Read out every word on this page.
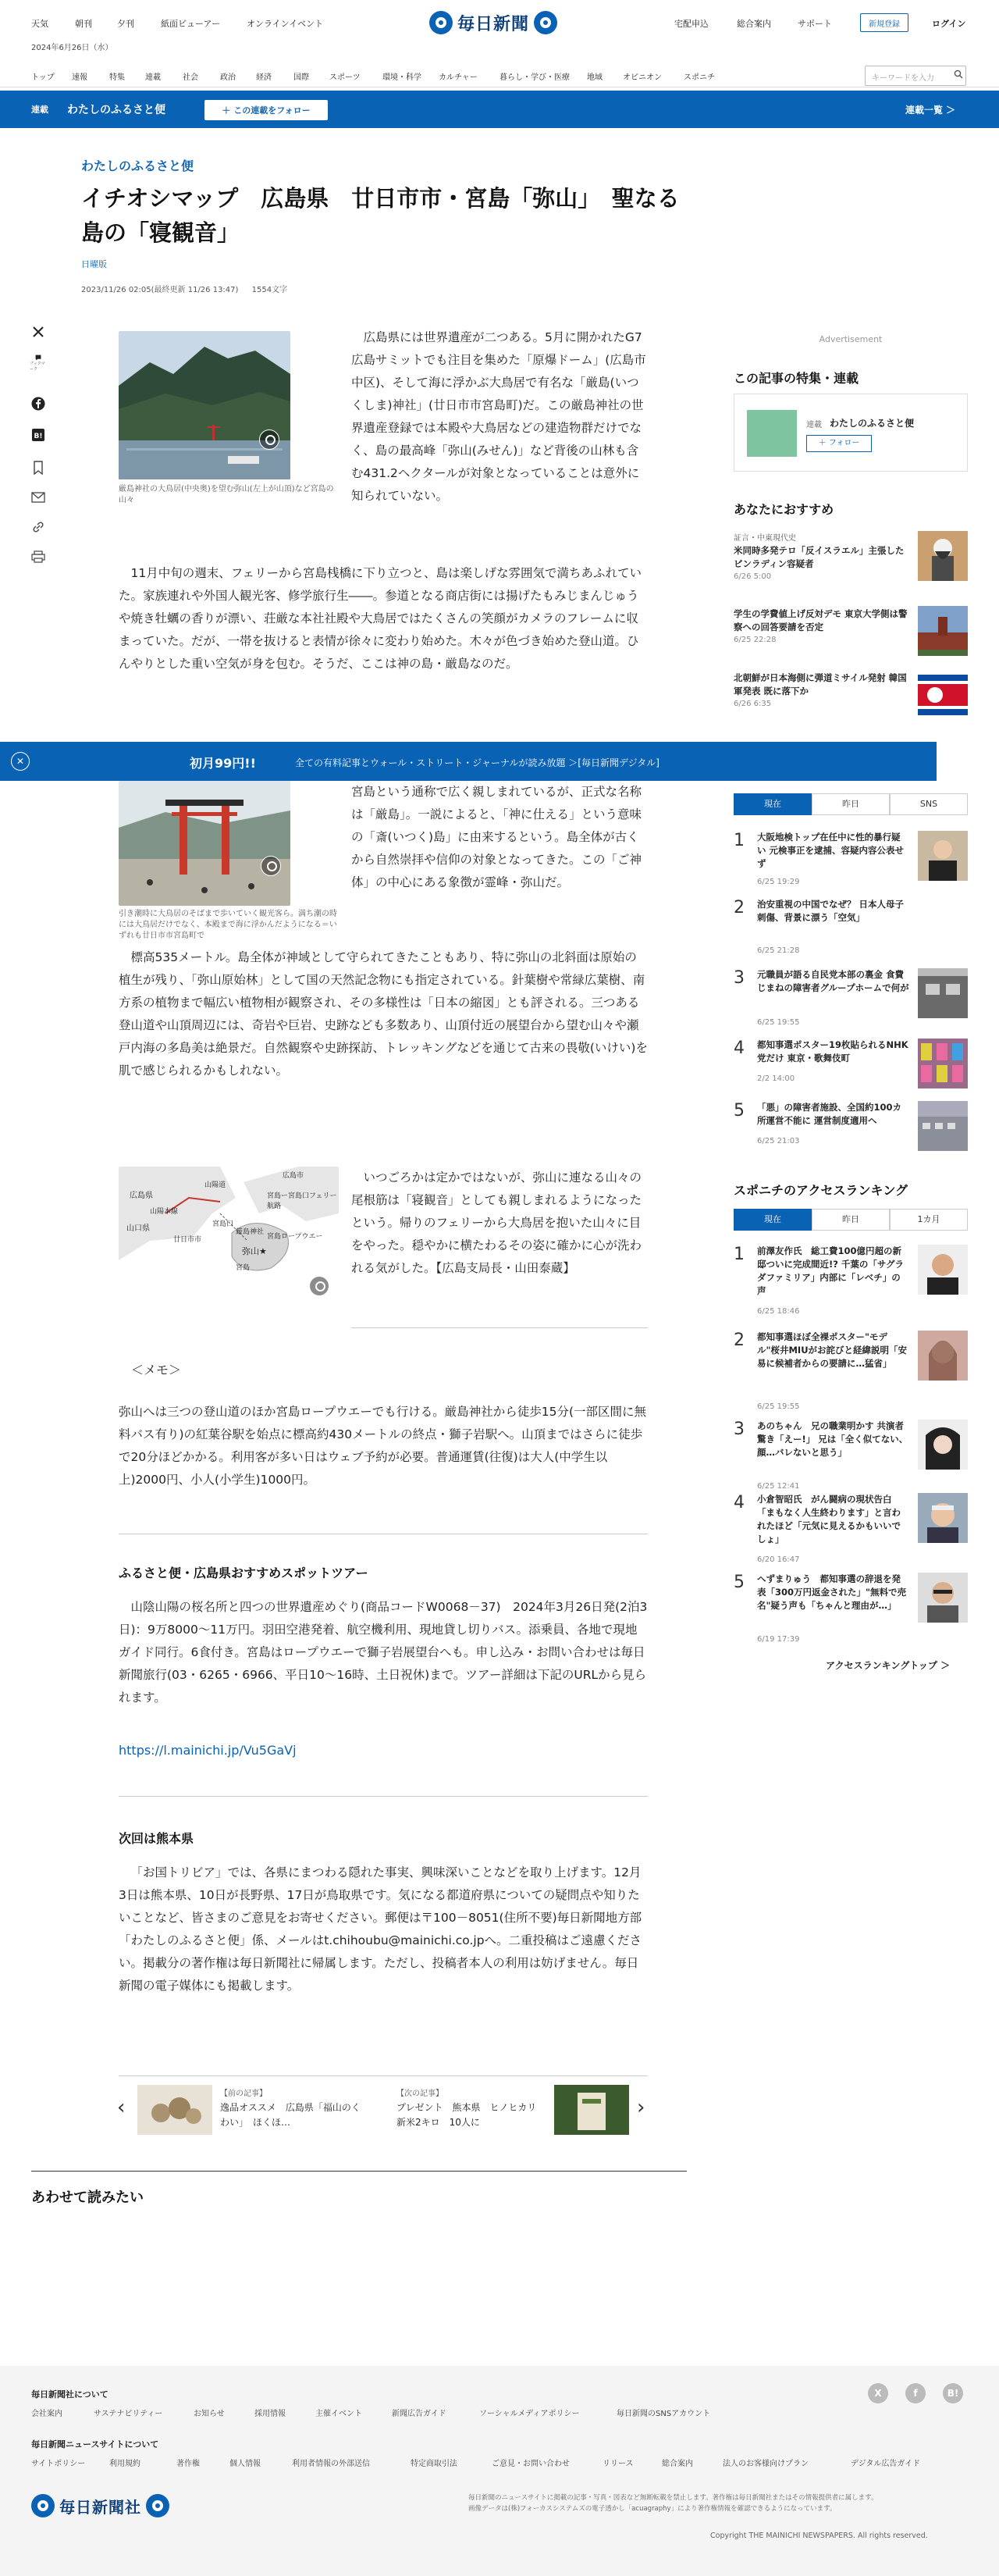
天気	朝刊	夕刊	紙面ビューアー	オンラインイベント	毎日新聞	宅配申込	総合案内	サポート	新規登録	ログイン
2024年6月26日（水）
トップ 速報	特集	連載	社会	政治	経済	国際	スポーツ	環境・科学 カルチャー	暮らし・学び・医療 地域	オピニオン	スポニチ	キーワードを入力
連載 わたしのふるさと便	＋ この連載をフォロー	連載一覧 ＞
わたしのふるさと便
イチオシマップ　広島県　廿日市市・宮島「弥山」　聖なる島の「寝観音」
日曜版
2023/11/26 02:05(最終更新 11/26 13:47) 1554文字
ブックマーク
B!
厳島神社の大鳥居(中央奥)を望む弥山(左上が山頂)など宮島の山々

広島県には世界遺産が二つある。5月に開かれたG7広島サミットでも注目を集めた「原爆ドーム」(広島市中区)、そして海に浮かぶ大鳥居で有名な「厳島(いつくしま)神社」(廿日市市宮島町)だ。この厳島神社の世界遺産登録では本殿や大鳥居などの建造物群だけでなく、島の最高峰「弥山(みせん)」など背後の山林も含む431.2ヘクタールが対象となっていることは意外に知られていない。

11月中旬の週末、フェリーから宮島桟橋に下り立つと、島は楽しげな雰囲気で満ちあふれていた。家族連れや外国人観光客、修学旅行生――。参道となる商店街には揚げたもみじまんじゅうや焼き牡蠣の香りが漂い、荘厳な本社社殿や大鳥居ではたくさんの笑顔がカメラのフレームに収まっていた。だが、一帯を抜けると表情が徐々に変わり始めた。木々が色づき始めた登山道。ひんやりとした重い空気が身を包む。そうだ、ここは神の島・厳島なのだ。

✕	初月99円!!	全ての有料記事とウォール・ストリート・ジャーナルが読み放題 ＞[毎日新聞デジタル]
引き潮時に大鳥居のそばまで歩いていく観光客ら。満ち潮の時には大鳥居だけでなく、本殿まで海に浮かんだようになる＝いずれも廿日市市宮島町で

宮島という通称で広く親しまれているが、正式な名称は「厳島」。一説によると、「神に仕える」という意味の「斎(いつく)島」に由来するという。島全体が古くから自然崇拝や信仰の対象となってきた。この「ご神体」の中心にある象徴が霊峰・弥山だ。

標高535メートル。島全体が神域として守られてきたこともあり、特に弥山の北斜面は原始の植生が残り、「弥山原始林」として国の天然記念物にも指定されている。針葉樹や常緑広葉樹、南方系の植物まで幅広い植物相が観察され、その多様性は「日本の縮図」とも評される。三つある登山道や山頂周辺には、奇岩や巨岩、史跡なども多数あり、山頂付近の展望台から望む山々や瀬戸内海の多島美は絶景だ。自然観察や史跡探訪、トレッキングなどを通じて古来の畏敬(いけい)を肌で感じられるかもしれない。

広島県
山口県
山陽本線
宮島口
宮島ー宮島口フェリー航路
広島市
厳島神社
弥山★
宮島
宮島ロープウエー
廿日市市
山陽道

いつごろかは定かではないが、弥山に連なる山々の尾根筋は「寝観音」としても親しまれるようになったという。帰りのフェリーから大鳥居を抱いた山々に目をやった。穏やかに横たわるその姿に確かに心が洗われる気がした。【広島支局長・山田泰蔵】

＜メモ＞

弥山へは三つの登山道のほか宮島ロープウエーでも行ける。厳島神社から徒歩15分(一部区間に無料バス有り)の紅葉谷駅を始点に標高約430メートルの終点・獅子岩駅へ。山頂まではさらに徒歩で20分ほどかかる。利用客が多い日はウェブ予約が必要。普通運賃(往復)は大人(中学生以上)2000円、小人(小学生)1000円。

ふるさと便・広島県おすすめスポットツアー

山陰山陽の桜名所と四つの世界遺産めぐり(商品コードW0068－37)　2024年3月26日発(2泊3日)：9万8000～11万円。羽田空港発着、航空機利用、現地貸し切りバス。添乗員、各地で現地ガイド同行。6食付き。宮島はロープウエーで獅子岩展望台へも。申し込み・お問い合わせは毎日新聞旅行(03・6265・6966、平日10～16時、土日祝休)まで。ツアー詳細は下記のURLから見られます。

https://l.mainichi.jp/Vu5GaVj
次回は熊本県

「お国トリビア」では、各県にまつわる隠れた事実、興味深いことなどを取り上げます。12月3日は熊本県、10日が長野県、17日が鳥取県です。気になる都道府県についての疑問点や知りたいことなど、皆さまのご意見をお寄せください。郵便は〒100－8051(住所不要)毎日新聞地方部「わたしのふるさと便」係、メールはt.chihoubu@mainichi.co.jpへ。二重投稿はご遠慮ください。掲載分の著作権は毎日新聞社に帰属します。ただし、投稿者本人の利用は妨げません。毎日新聞の電子媒体にも掲載します。

‹
【前の記事】
逸品オススメ　広島県「福山のくわい」　ほくほ…
【次の記事】
プレゼント　熊本県　ヒノヒカリ新米2キロ　10人に
›
あわせて読みたい
Advertisement
この記事の特集・連載
連載 わたしのふるさと便
＋ フォロー
あなたにおすすめ
証言・中東現代史
米同時多発テロ「反イスラエル」主張したビンラディン容疑者
6/26 5:00
学生の学費値上げ反対デモ 東京大学側は警察への回答要請を否定
6/25 22:28
北朝鮮が日本海側に弾道ミサイル発射 韓国軍発表 既に落下か
6/26 6:35
現在	昨日	SNS
1 大阪地検トップ在任中に性的暴行疑い 元検事正を逮捕、容疑内容公表せず
6/25 19:29
2 治安重視の中国でなぜ？ 日本人母子刺傷、背景に漂う「空気」
6/25 21:28
3 元職員が語る自民党本部の裏金 食費じまねの障害者グループホームで何が
6/25 19:55
4 都知事選ポスター19枚貼られるNHK党だけ 東京・歌舞伎町
2/2 14:00
5 「悪」の障害者施設、全国約100カ所運営不能に 運営制度適用へ
6/25 21:03
スポニチのアクセスランキング
現在	昨日	1カ月
1 前澤友作氏　総工費100億円超の新邸ついに完成間近!? 千葉の「サグラダファミリア」内部に「レベチ」の声
6/25 18:46
2 都知事選ほぼ全裸ポスター"モデル"桜井MIUがお詫びと経緯説明「安易に候補者からの要請に…猛省」
6/25 19:55
3 あのちゃん　兄の職業明かす 共演者驚き「えー!」 兄は「全く似てない、顔…バレないと思う」
6/25 12:41
4 小倉智昭氏　がん闘病の現状告白「まもなく人生終わります」と言われたほど「元気に見えるかもいいでしょ」
6/20 16:47
5 へずまりゅう　都知事選の辞退を発表「300万円返金された」"無料で売名"疑う声も「ちゃんと理由が…」
6/19 17:39
アクセスランキングトップ ＞
毎日新聞社について
会社案内	サステナビリティー	お知らせ	採用情報	主催イベント	新聞広告ガイド	ソーシャルメディアポリシー	毎日新聞のSNSアカウント
X	f	B!
毎日新聞ニュースサイトについて
サイトポリシー	利用規約	著作権	個人情報	利用者情報の外部送信	特定商取引法	ご意見・お問い合わせ	リリース	総合案内	法人のお客様向けプラン	デジタル広告ガイド
毎日新聞社	毎日新聞のニュースサイトに掲載の記事・写真・図表など無断転載を禁止します。著作権は毎日新聞社またはその情報提供者に属します。
画像データは(株)フォーカスシステムズの電子透かし「acuagraphy」により著作権情報を確認できるようになっています。
Copyright THE MAINICHI NEWSPAPERS. All rights reserved.
